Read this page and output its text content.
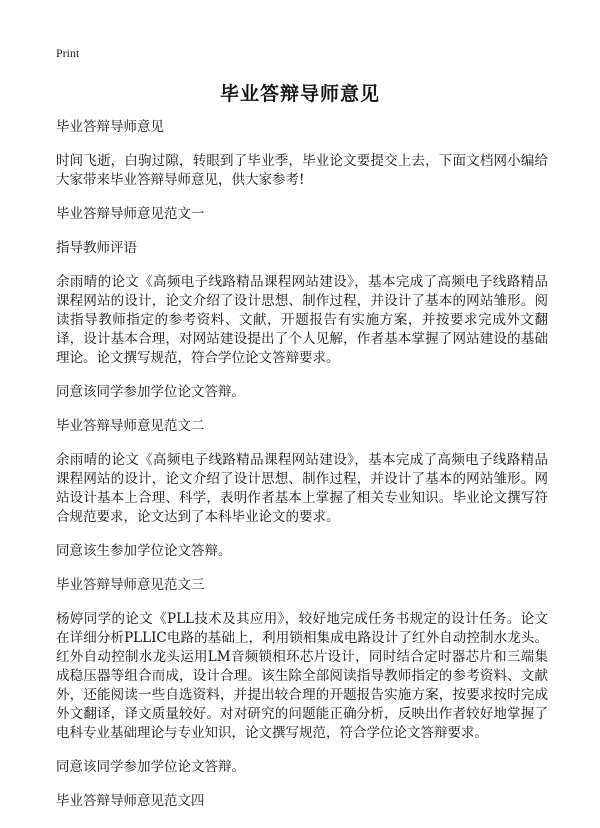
Print
毕业答辩导师意见

毕业答辩导师意见

时间飞逝，白驹过隙，转眼到了毕业季，毕业论文要提交上去，下面文档网小编给大家带来毕业答辩导师意见，供大家参考!

毕业答辩导师意见范文一

指导教师评语

余雨晴的论文《高频电子线路精品课程网站建设》，基本完成了高频电子线路精品课程网站的设计，论文介绍了设计思想、制作过程，并设计了基本的网站雏形。阅读指导教师指定的参考资料、文献，开题报告有实施方案，并按要求完成外文翻译，设计基本合理，对网站建设提出了个人见解，作者基本掌握了网站建设的基础理论。论文撰写规范，符合学位论文答辩要求。

同意该同学参加学位论文答辩。

毕业答辩导师意见范文二

余雨晴的论文《高频电子线路精品课程网站建设》，基本完成了高频电子线路精品课程网站的设计，论文介绍了设计思想、制作过程，并设计了基本的网站雏形。网站设计基本上合理、科学，表明作者基本上掌握了相关专业知识。毕业论文撰写符合规范要求，论文达到了本科毕业论文的要求。

同意该生参加学位论文答辩。

毕业答辩导师意见范文三

杨婷同学的论文《PLL技术及其应用》，较好地完成任务书规定的设计任务。论文在详细分析PLLIC电路的基础上，利用锁相集成电路设计了红外自动控制水龙头。红外自动控制水龙头运用LM音频锁相环芯片设计，同时结合定时器芯片和三端集成稳压器等组合而成，设计合理。该生除全部阅读指导教师指定的参考资料、文献外，还能阅读一些自选资料，并提出较合理的开题报告实施方案，按要求按时完成外文翻译，译文质量较好。对对研究的问题能正确分析，反映出作者较好地掌握了电科专业基础理论与专业知识，论文撰写规范，符合学位论文答辩要求。

同意该同学参加学位论文答辩。

毕业答辩导师意见范文四
